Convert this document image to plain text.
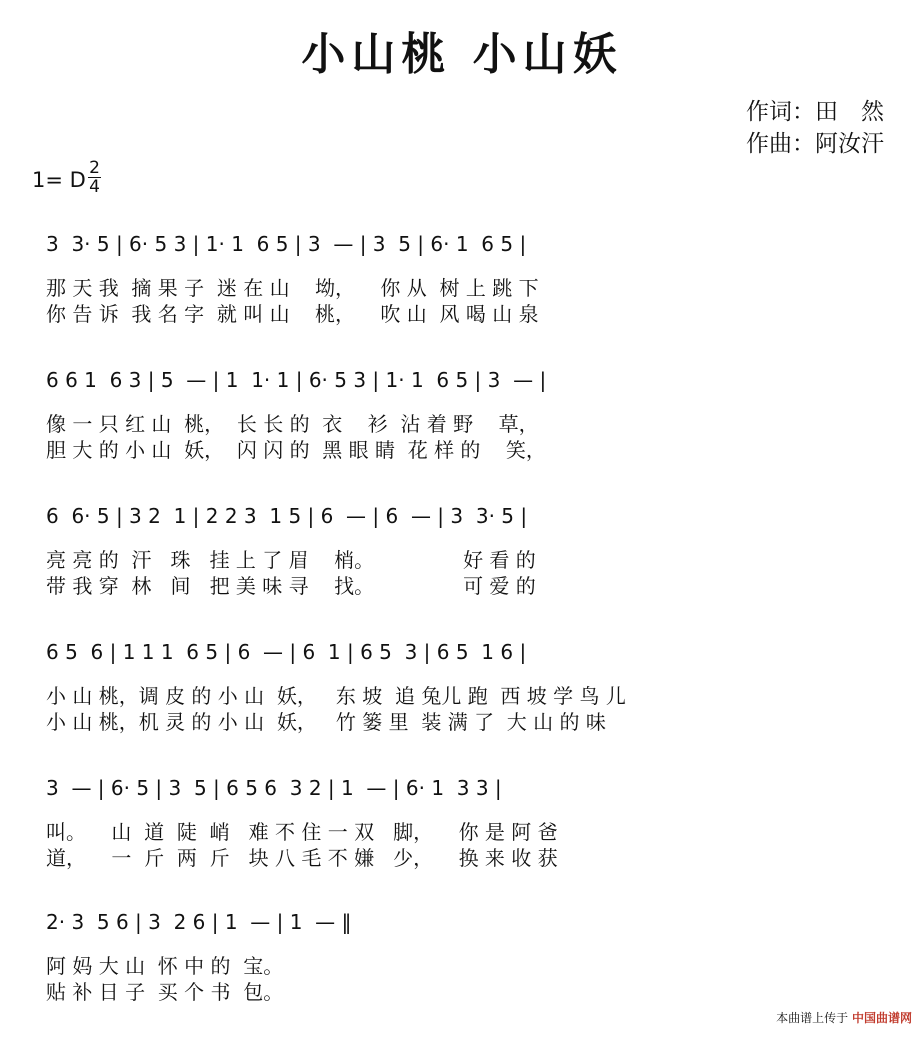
小山桃 小山妖
作词：田　然
作曲：阿汝汗
1= D 2
4
3  3· 5 | 6· 5 3 | 1· 1  6 5 | 3  — | 3  5 | 6· 1  6 5 |
那 天 我  摘 果 子  迷 在 山    坳，    你 从  树 上 跳 下
你 告 诉  我 名 字  就 叫 山    桃，    吹 山  风 喝 山 泉
6 6 1  6 3 | 5  — | 1  1· 1 | 6· 5 3 | 1· 1  6 5 | 3  — |
像 一 只 红 山  桃，  长 长 的  衣    衫  沾 着 野    草，
胆 大 的 小 山  妖，  闪 闪 的  黑 眼 睛  花 样 的    笑，
6  6· 5 | 3 2  1 | 2 2 3  1 5 | 6  — | 6  — | 3  3· 5 |
亮 亮 的  汗   珠   挂 上 了 眉    梢。              好 看 的
带 我 穿  林   间   把 美 味 寻    找。              可 爱 的
6 5  6 | 1 1 1  6 5 | 6  — | 6  1 | 6 5  3 | 6 5  1 6 |
小 山 桃，调 皮 的 小 山  妖，   东 坡  追 兔儿 跑  西 坡 学 鸟 儿
小 山 桃，机 灵 的 小 山  妖，   竹 篓 里  装 满 了  大 山 的 味
3  — | 6· 5 | 3  5 | 6 5 6  3 2 | 1  — | 6· 1  3 3 |
叫。    山  道  陡  峭   难 不 住 一 双   脚，    你 是 阿 爸
道，    一  斤  两  斤   块 八 毛 不 嫌   少，    换 来 收 获
2· 3  5 6 | 3  2 6 | 1  — | 1  — ‖
阿 妈 大 山  怀 中 的  宝。
贴 补 日 子  买 个 书  包。
本曲谱上传于 中国曲谱网
